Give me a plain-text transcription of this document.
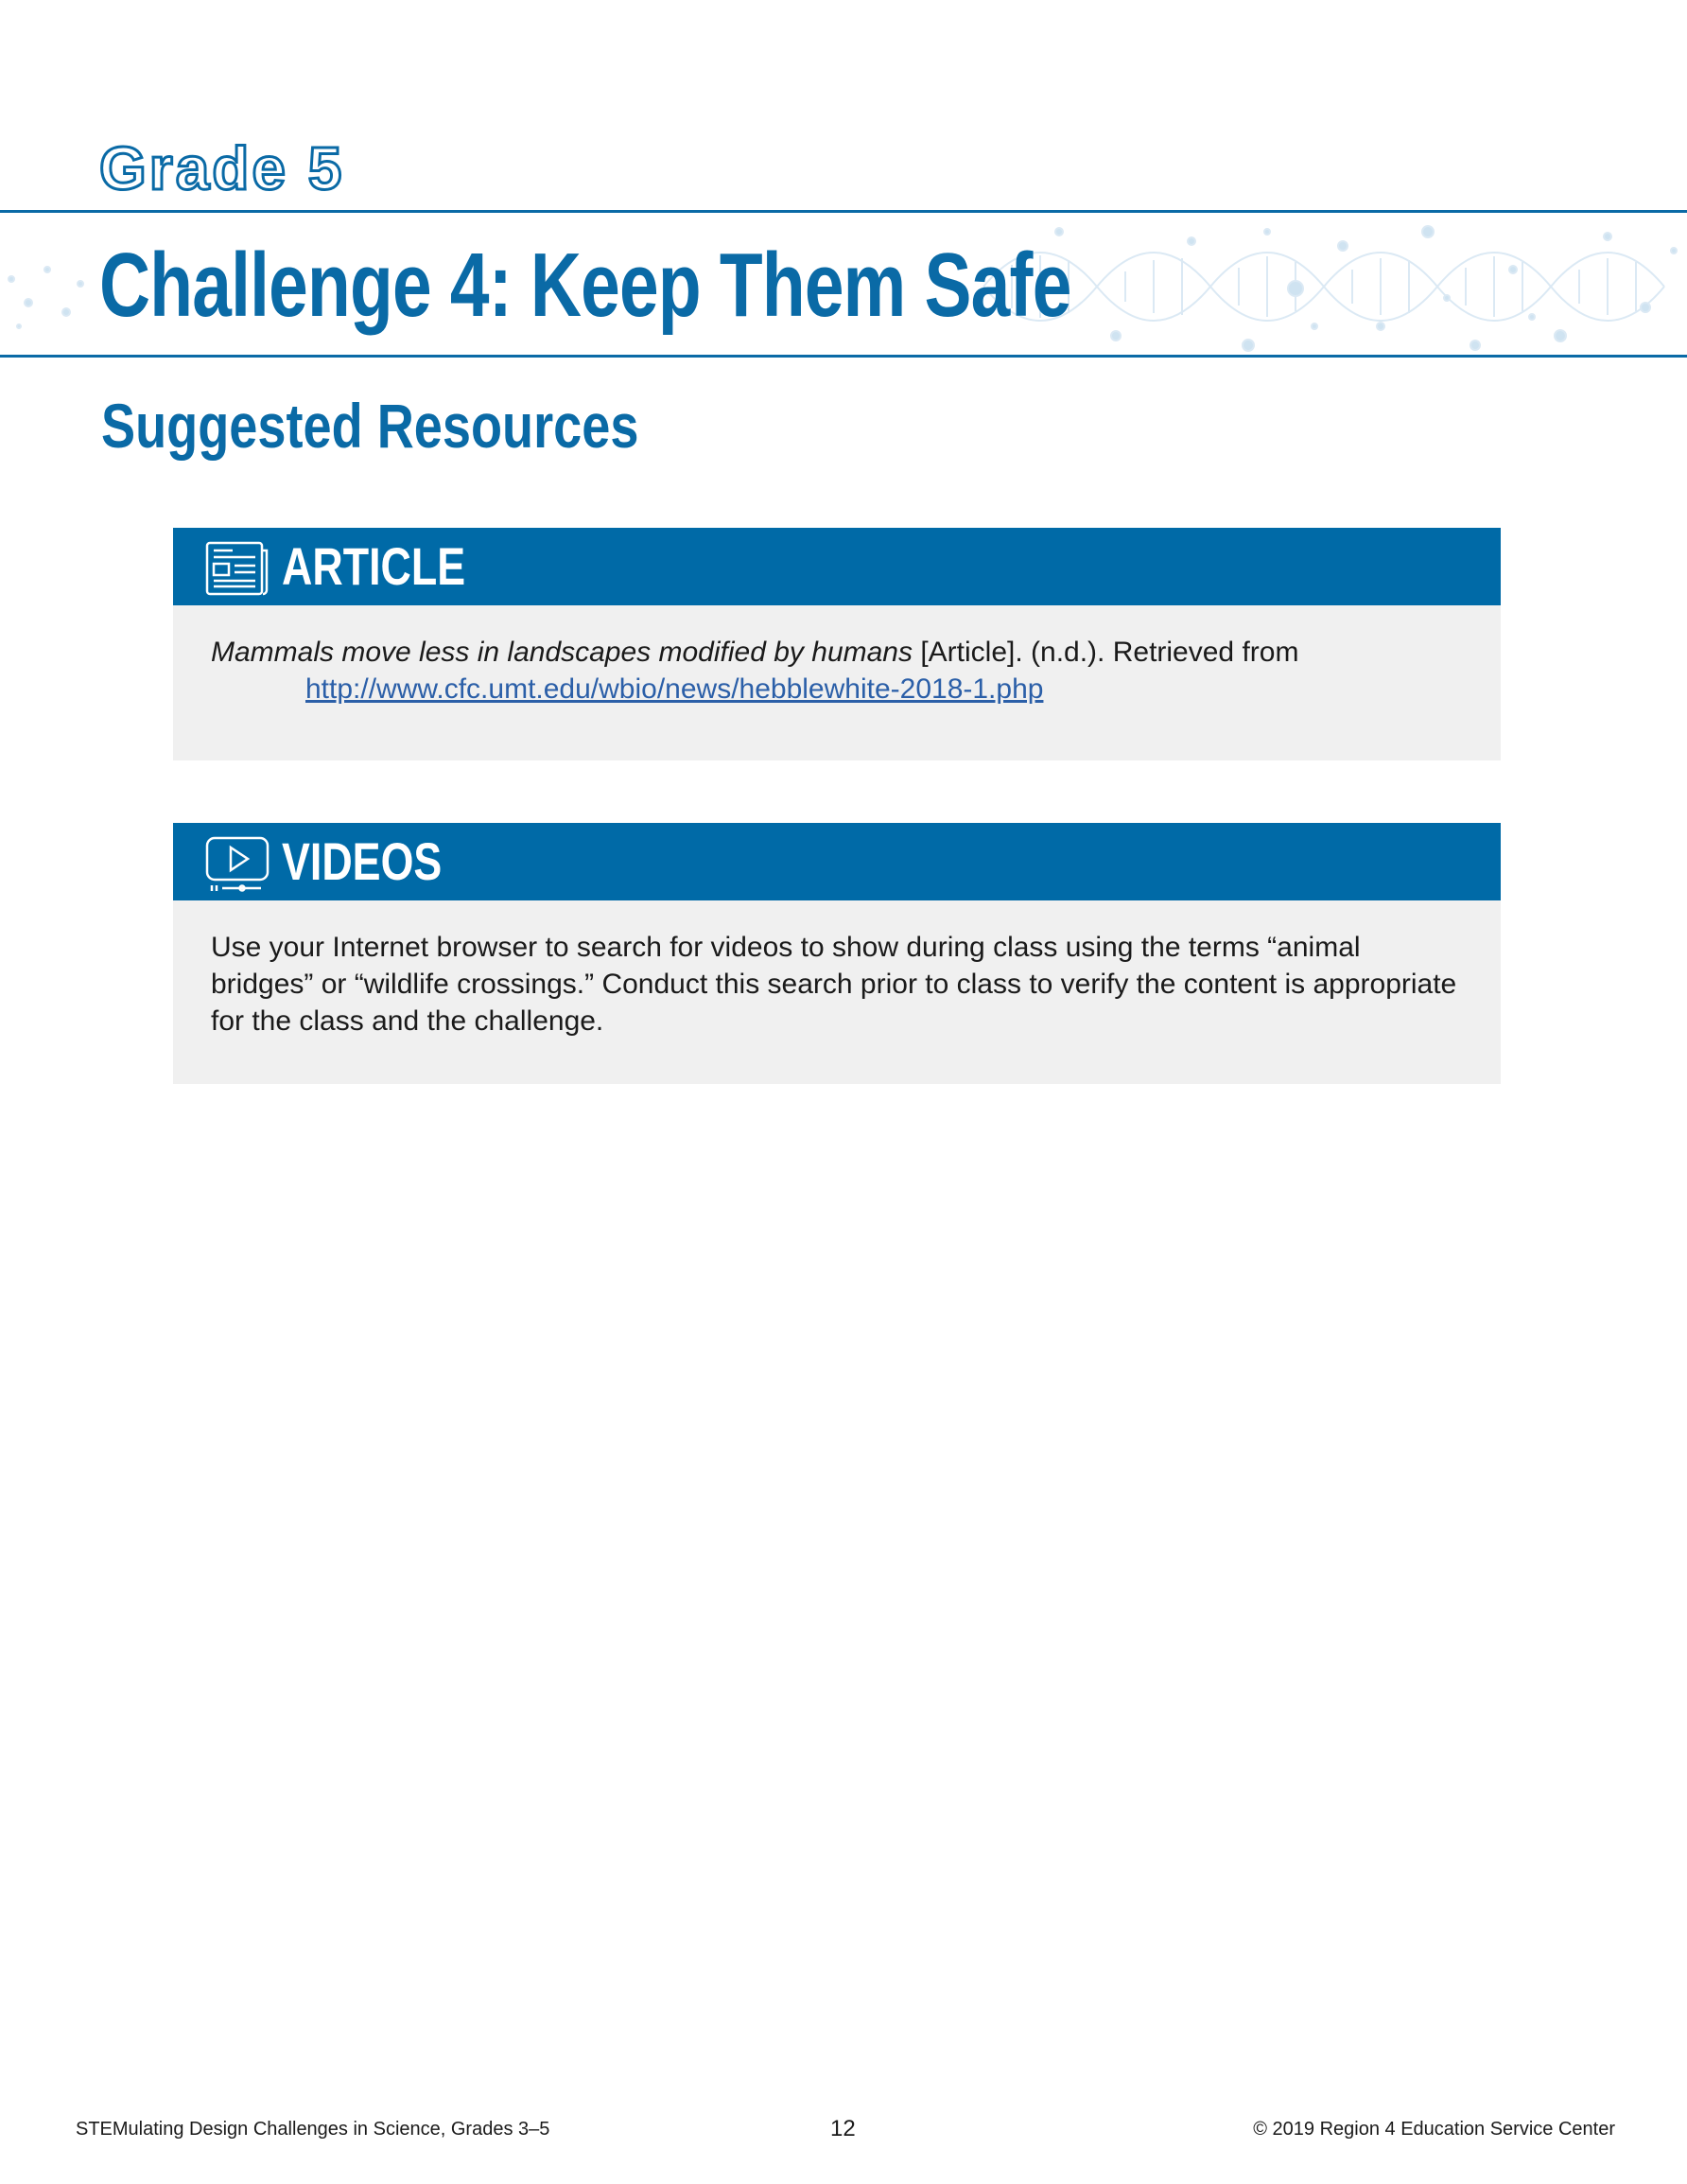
Grade 5
Challenge 4: Keep Them Safe
Suggested Resources
ARTICLE

Mammals move less in landscapes modified by humans [Article]. (n.d.). Retrieved from http://www.cfc.umt.edu/wbio/news/hebblewhite-2018-1.php

VIDEOS

Use your Internet browser to search for videos to show during class using the terms “animal bridges” or “wildlife crossings.” Conduct this search prior to class to verify the content is appropriate for the class and the challenge.

STEMulating Design Challenges in Science, Grades 3–5	12	© 2019 Region 4 Education Service Center
